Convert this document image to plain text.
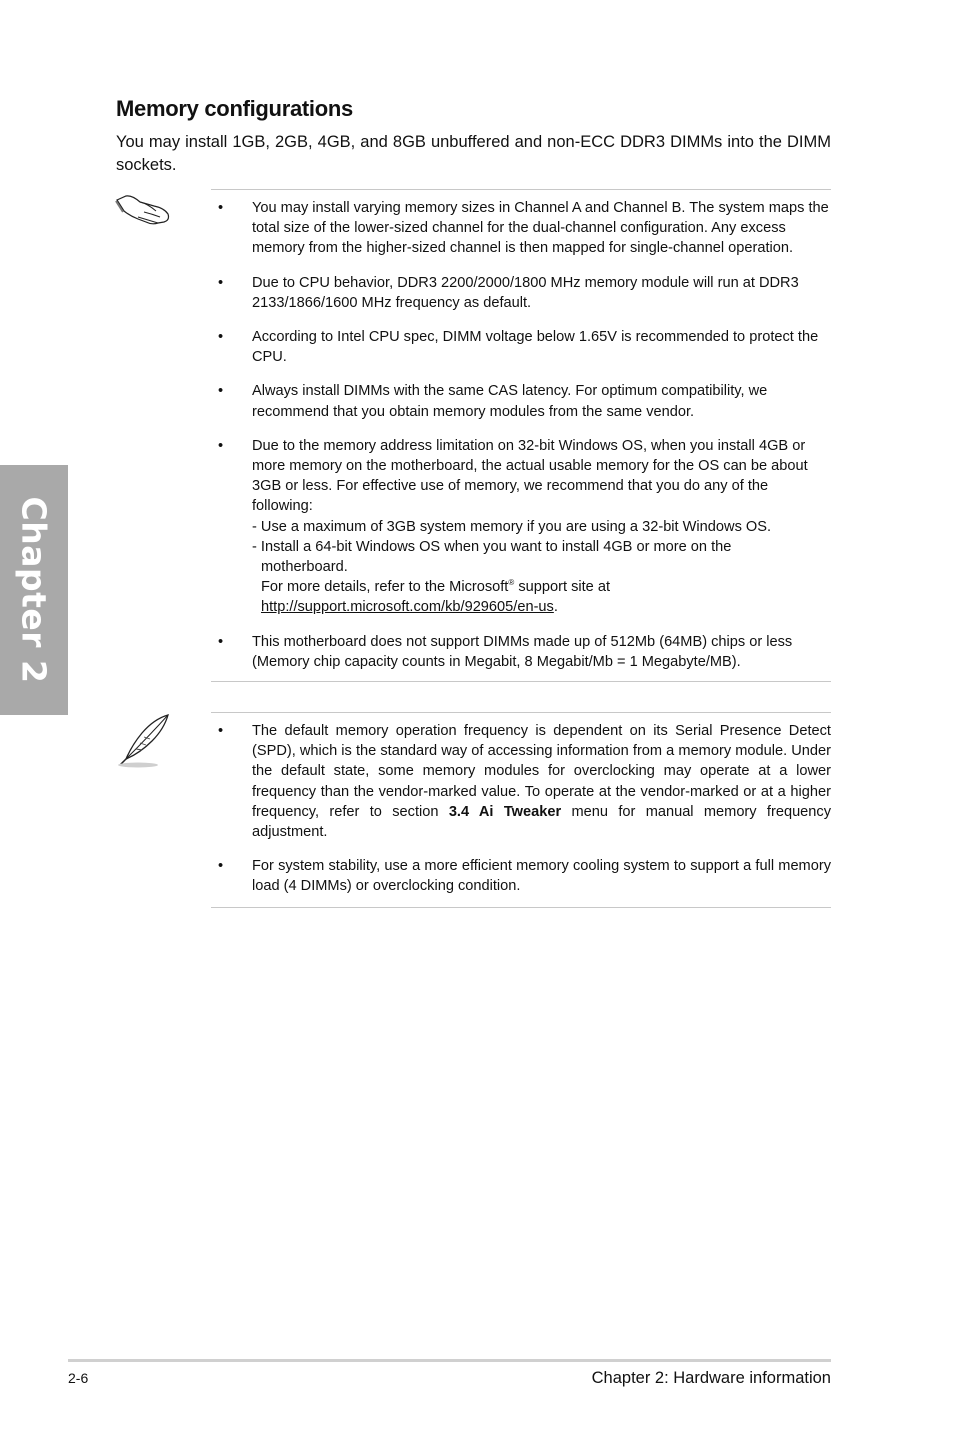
Chapter 2
Memory configurations

You may install 1GB, 2GB, 4GB, and 8GB unbuffered and non-ECC DDR3 DIMMs into the DIMM sockets.

• You may install varying memory sizes in Channel A and Channel B. The system maps the total size of the lower-sized channel for the dual-channel configuration. Any excess memory from the higher-sized channel is then mapped for single-channel operation.
• Due to CPU behavior, DDR3 2200/2000/1800 MHz memory module will run at DDR3 2133/1866/1600 MHz frequency as default.
• According to Intel CPU spec, DIMM voltage below 1.65V is recommended to protect the CPU.
• Always install DIMMs with the same CAS latency. For optimum compatibility, we recommend that you obtain memory modules from the same vendor.
• Due to the memory address limitation on 32-bit Windows OS, when you install 4GB or more memory on the motherboard, the actual usable memory for the OS can be about 3GB or less. For effective use of memory, we recommend that you do any of the following:
- Use a maximum of 3GB system memory if you are using a 32-bit Windows OS.
- Install a 64-bit Windows OS when you want to install 4GB or more on the
motherboard.
For more details, refer to the Microsoft® support site at
http://support.microsoft.com/kb/929605/en-us.
• This motherboard does not support DIMMs made up of 512Mb (64MB) chips or less (Memory chip capacity counts in Megabit, 8 Megabit/Mb = 1 Megabyte/MB).
• The default memory operation frequency is dependent on its Serial Presence Detect (SPD), which is the standard way of accessing information from a memory module. Under the default state, some memory modules for overclocking may operate at a lower frequency than the vendor-marked value. To operate at the vendor-marked or at a higher frequency, refer to section 3.4 Ai Tweaker menu for manual memory frequency adjustment.
• For system stability, use a more efficient memory cooling system to support a full memory load (4 DIMMs) or overclocking condition.
2-6	Chapter 2: Hardware information
